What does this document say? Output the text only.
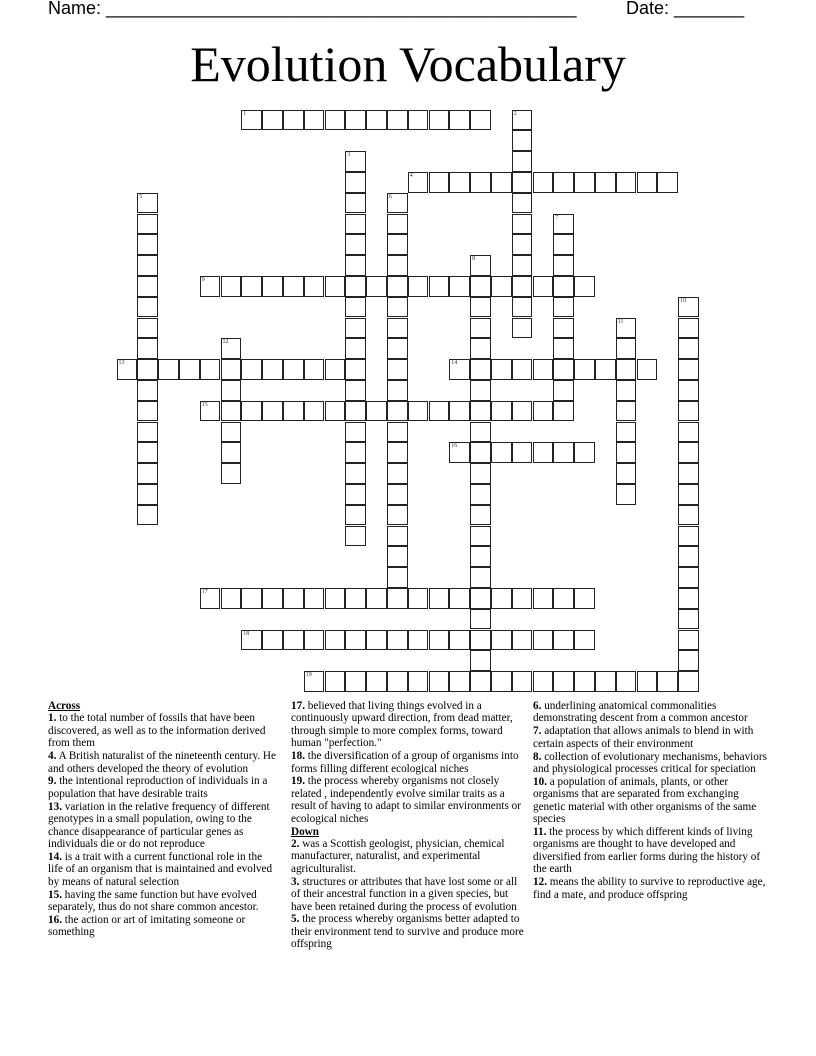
Name: _______________________________________________	Date: _______
Evolution Vocabulary
1	2
3
4
5	6
7
8
9
10
11
12
13	14
15
16
17
18
19
Across
1. to the total number of fossils that have been discovered, as well as to the information derived from them
4. A British naturalist of the nineteenth century. He and others developed the theory of evolution
9. the intentional reproduction of individuals in a population that have desirable traits
13. variation in the relative frequency of different genotypes in a small population, owing to the chance disappearance of particular genes as individuals die or do not reproduce
14. is a trait with a current functional role in the life of an organism that is maintained and evolved by means of natural selection
15. having the same function but have evolved separately, thus do not share common ancestor.
16. the action or art of imitating someone or something
17. believed that living things evolved in a continuously upward direction, from dead matter, through simple to more complex forms, toward human "perfection."
18. the diversification of a group of organisms into forms filling different ecological niches
19. the process whereby organisms not closely related , independently evolve similar traits as a result of having to adapt to similar environments or ecological niches
Down
2. was a Scottish geologist, physician, chemical manufacturer, naturalist, and experimental agriculturalist.
3. structures or attributes that have lost some or all of their ancestral function in a given species, but have been retained during the process of evolution
5. the process whereby organisms better adapted to their environment tend to survive and produce more offspring
6. underlining anatomical commonalities demonstrating descent from a common ancestor
7. adaptation that allows animals to blend in with certain aspects of their environment
8. collection of evolutionary mechanisms, behaviors and physiological processes critical for speciation
10. a population of animals, plants, or other organisms that are separated from exchanging genetic material with other organisms of the same species
11. the process by which different kinds of living organisms are thought to have developed and diversified from earlier forms during the history of the earth
12. means the ability to survive to reproductive age, find a mate, and produce offspring
